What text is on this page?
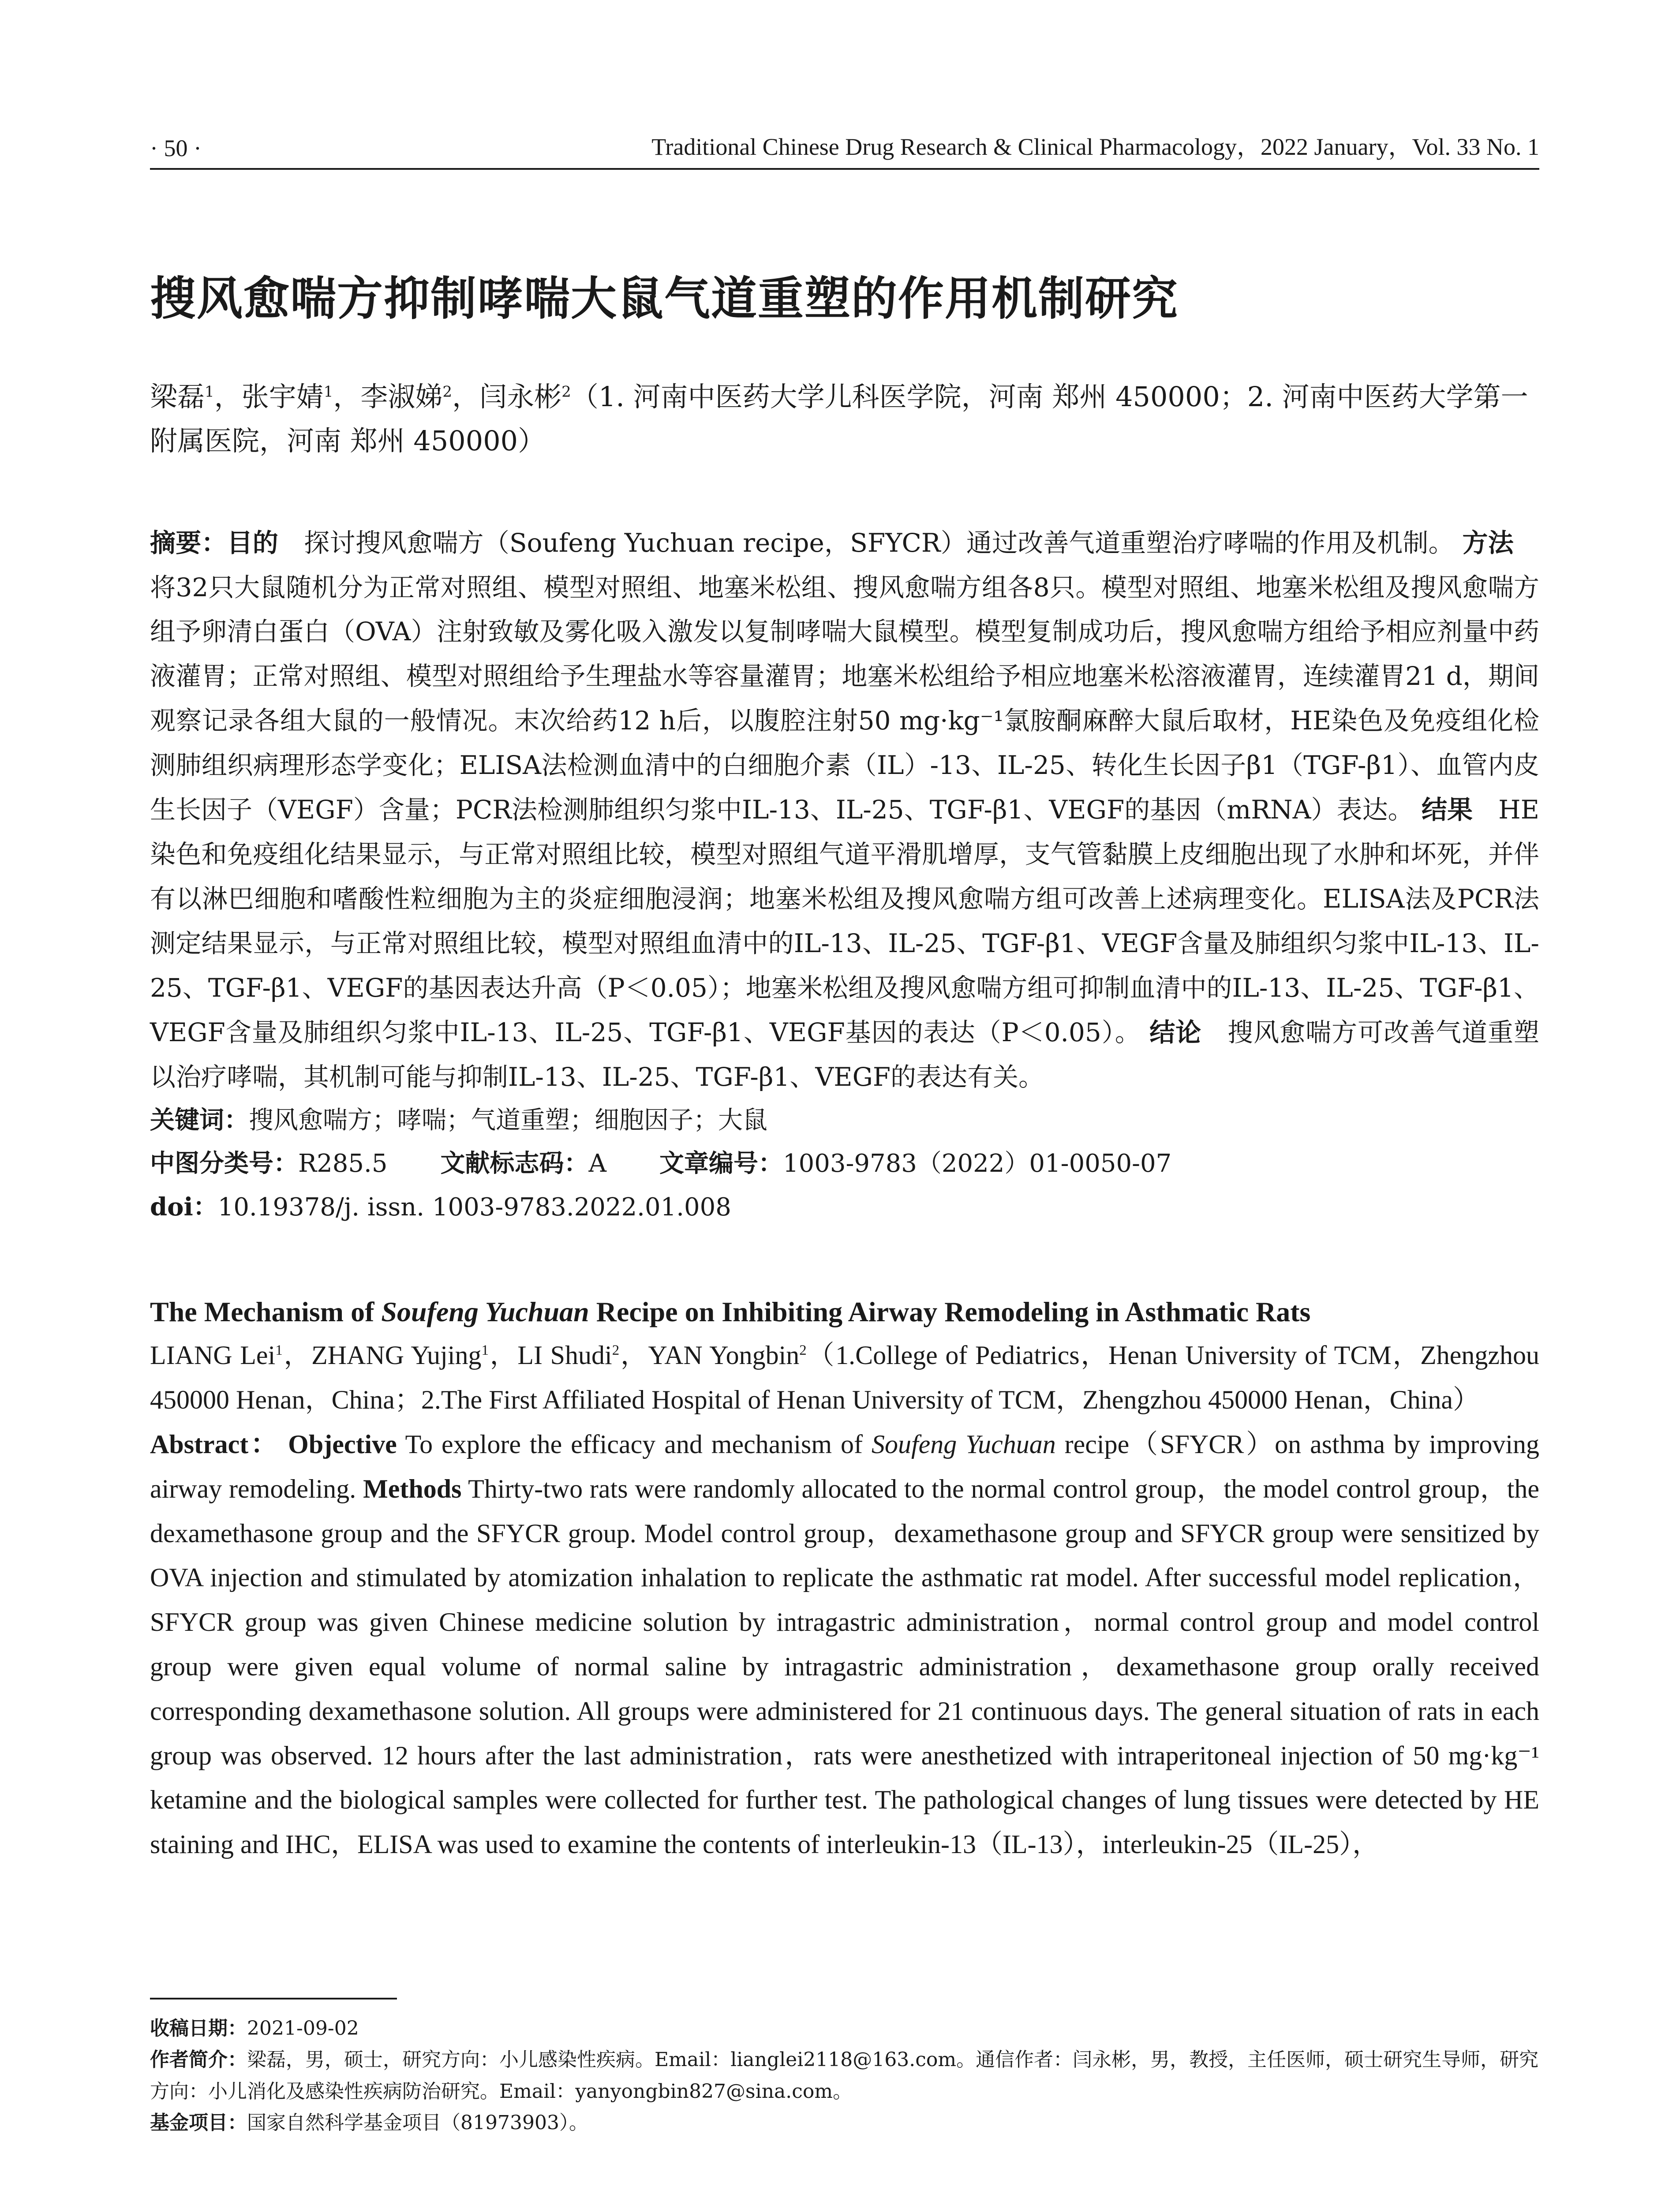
· 50 ·	Traditional Chinese Drug Research & Clinical Pharmacology，2022 January，Vol. 33 No. 1
搜风愈喘方抑制哮喘大鼠气道重塑的作用机制研究
梁磊$^1$，张宇婧$^1$，李淑娣$^2$，闫永彬$^2$（1. 河南中医药大学儿科医学院，河南 郑州 450000；2. 河南中医药大学第一附属医院，河南 郑州 450000）
摘要：目的　探讨搜风愈喘方（Soufeng Yuchuan recipe，SFYCR）通过改善气道重塑治疗哮喘的作用及机制。 方法　将32只大鼠随机分为正常对照组、模型对照组、地塞米松组、搜风愈喘方组各8只。模型对照组、地塞米松组及搜风愈喘方组予卵清白蛋白（OVA）注射致敏及雾化吸入激发以复制哮喘大鼠模型。模型复制成功后，搜风愈喘方组给予相应剂量中药液灌胃；正常对照组、模型对照组给予生理盐水等容量灌胃；地塞米松组给予相应地塞米松溶液灌胃，连续灌胃21 d，期间观察记录各组大鼠的一般情况。末次给药12 h后，以腹腔注射50 mg·kg⁻¹氯胺酮麻醉大鼠后取材，HE染色及免疫组化检测肺组织病理形态学变化；ELISA法检测血清中的白细胞介素（IL）-13、IL-25、转化生长因子β1（TGF-β1）、血管内皮生长因子（VEGF）含量；PCR法检测肺组织匀浆中IL-13、IL-25、TGF-β1、VEGF的基因（mRNA）表达。 结果　HE染色和免疫组化结果显示，与正常对照组比较，模型对照组气道平滑肌增厚，支气管黏膜上皮细胞出现了水肿和坏死，并伴有以淋巴细胞和嗜酸性粒细胞为主的炎症细胞浸润；地塞米松组及搜风愈喘方组可改善上述病理变化。ELISA法及PCR法测定结果显示，与正常对照组比较，模型对照组血清中的IL-13、IL-25、TGF-β1、VEGF含量及肺组织匀浆中IL-13、IL-25、TGF-β1、VEGF的基因表达升高（P＜0.05）；地塞米松组及搜风愈喘方组可抑制血清中的IL-13、IL-25、TGF-β1、VEGF含量及肺组织匀浆中IL-13、IL-25、TGF-β1、VEGF基因的表达（P＜0.05）。 结论　搜风愈喘方可改善气道重塑以治疗哮喘，其机制可能与抑制IL-13、IL-25、TGF-β1、VEGF的表达有关。
关键词：搜风愈喘方；哮喘；气道重塑；细胞因子；大鼠
中图分类号：R285.5 文献标志码：A 文章编号：1003-9783（2022）01-0050-07
doi：10.19378/j. issn. 1003-9783.2022.01.008
The Mechanism of Soufeng Yuchuan Recipe on Inhibiting Airway Remodeling in Asthmatic Rats
LIANG Lei$^1$，ZHANG Yujing$^1$，LI Shudi$^2$，YAN Yongbin$^2$（1.College of Pediatrics，Henan University of TCM，Zhengzhou 450000 Henan，China；2.The First Affiliated Hospital of Henan University of TCM，Zhengzhou 450000 Henan，China）
Abstract： Objective To explore the efficacy and mechanism of Soufeng Yuchuan recipe（SFYCR）on asthma by improving airway remodeling. Methods Thirty-two rats were randomly allocated to the normal control group，the model control group，the dexamethasone group and the SFYCR group. Model control group，dexamethasone group and SFYCR group were sensitized by OVA injection and stimulated by atomization inhalation to replicate the asthmatic rat model. After successful model replication，SFYCR group was given Chinese medicine solution by intragastric administration，normal control group and model control group were given equal volume of normal saline by intragastric administration，dexamethasone group orally received corresponding dexamethasone solution. All groups were administered for 21 continuous days. The general situation of rats in each group was observed. 12 hours after the last administration，rats were anesthetized with intraperitoneal injection of 50 mg·kg⁻¹ ketamine and the biological samples were collected for further test. The pathological changes of lung tissues were detected by HE staining and IHC，ELISA was used to examine the contents of interleukin-13（IL-13），interleukin-25（IL-25），
收稿日期：2021-09-02
作者简介：梁磊，男，硕士，研究方向：小儿感染性疾病。Email：lianglei2118@163.com。通信作者：闫永彬，男，教授，主任医师，硕士研究生导师，研究方向：小儿消化及感染性疾病防治研究。Email：yanyongbin827@sina.com。
基金项目：国家自然科学基金项目（81973903）。
